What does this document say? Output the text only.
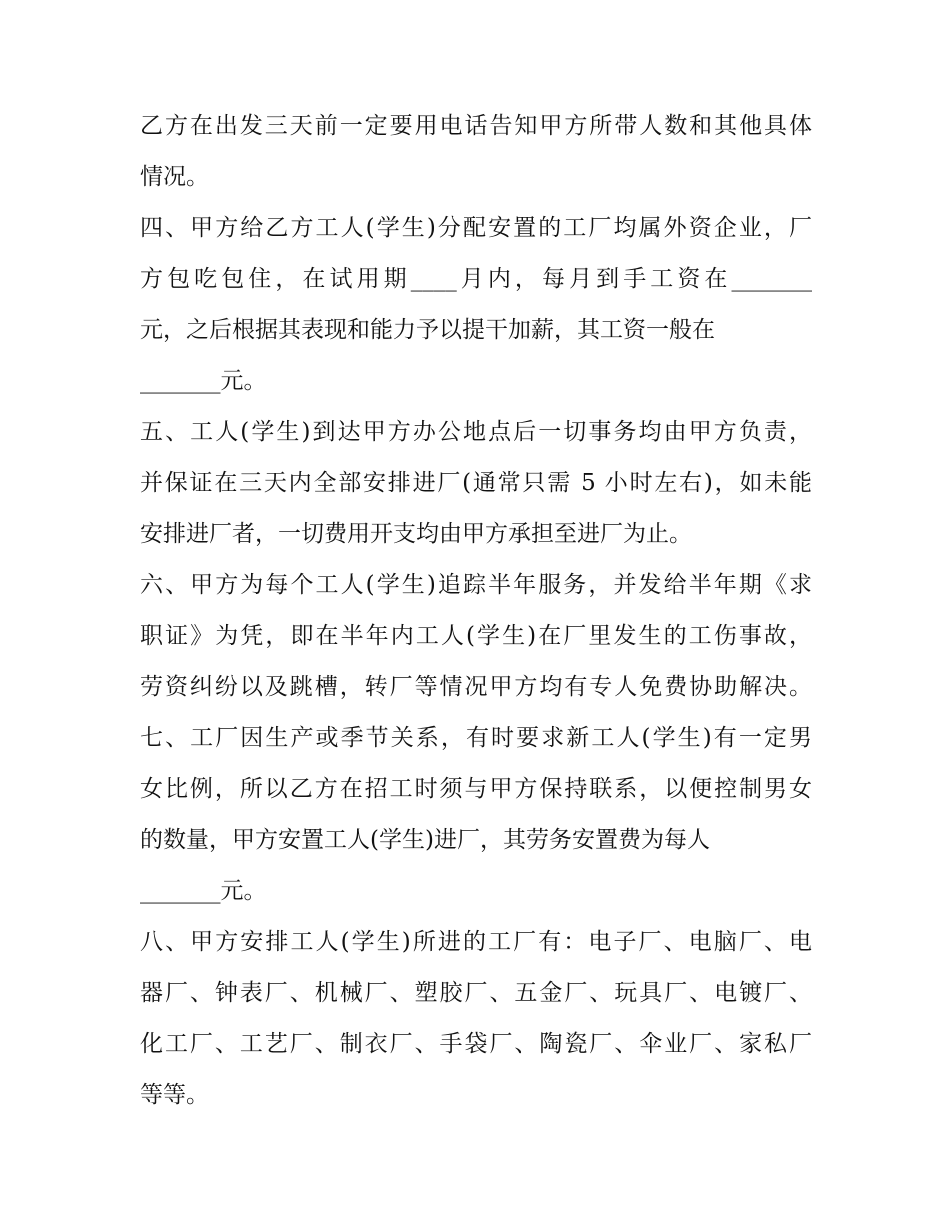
乙方在出发三天前一定要用电话告知甲方所带人数和其他具体
情况。
四、甲方给乙方工人(学生)分配安置的工厂均属外资企业，厂
方包吃包住，在试用期____月内，每月到手工资在_______
元，之后根据其表现和能力予以提干加薪，其工资一般在
_______元。
五、工人(学生)到达甲方办公地点后一切事务均由甲方负责，
并保证在三天内全部安排进厂(通常只需 5 小时左右)，如未能
安排进厂者，一切费用开支均由甲方承担至进厂为止。
六、甲方为每个工人(学生)追踪半年服务，并发给半年期《求
职证》为凭，即在半年内工人(学生)在厂里发生的工伤事故，
劳资纠纷以及跳槽，转厂等情况甲方均有专人免费协助解决。
七、工厂因生产或季节关系，有时要求新工人(学生)有一定男
女比例，所以乙方在招工时须与甲方保持联系，以便控制男女
的数量，甲方安置工人(学生)进厂，其劳务安置费为每人
_______元。
八、甲方安排工人(学生)所进的工厂有：电子厂、电脑厂、电
器厂、钟表厂、机械厂、塑胶厂、五金厂、玩具厂、电镀厂、
化工厂、工艺厂、制衣厂、手袋厂、陶瓷厂、伞业厂、家私厂
等等。
